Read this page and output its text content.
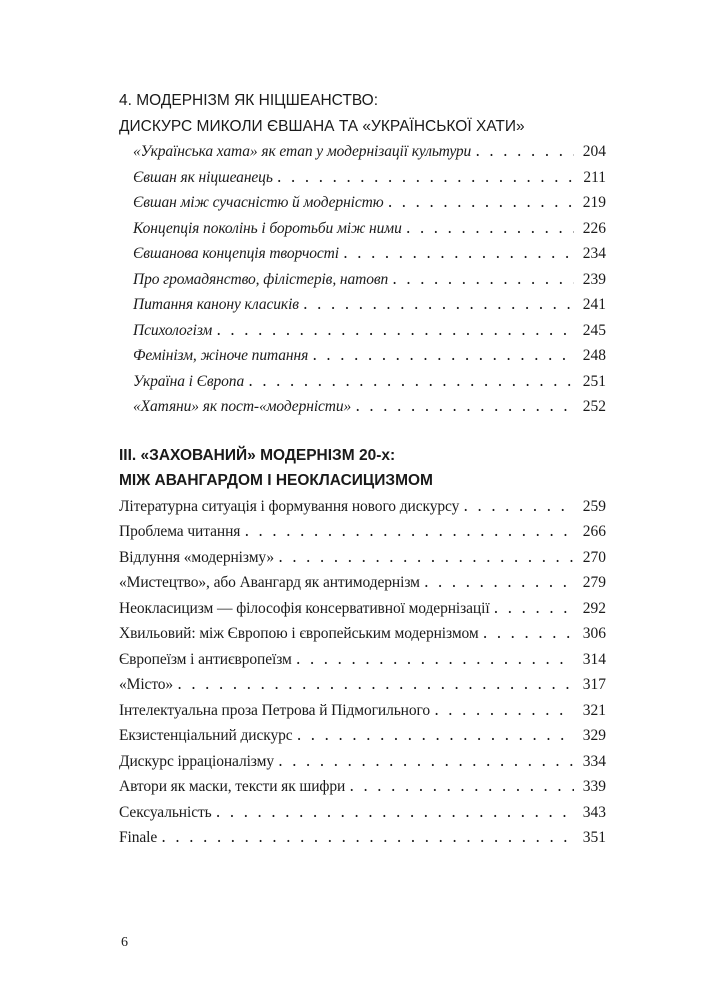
4. МОДЕРНІЗМ ЯК НІЦШЕАНСТВО:
ДИСКУРС МИКОЛИ ЄВШАНА ТА «УКРАЇНСЬКОЇ ХАТИ»
«Українська хата» як етап у модернізації культури . . .	204
Євшан як ніцшеанець . . .	211
Євшан між сучасністю й модерністю . . .	219
Концепція поколінь і боротьби між ними . . .	226
Євшанова концепція творчості . . .	234
Про громадянство, філістерів, натовп . . .	239
Питання канону класиків . . .	241
Психологізм . . .	245
Фемінізм, жіноче питання . . .	248
Україна і Європа . . .	251
«Хатяни» як пост-«модерністи» . . .	252
ІІІ. «ЗАХОВАНИЙ» МОДЕРНІЗМ 20-х:
МІЖ АВАНГАРДОМ І НЕОКЛАСИЦИЗМОМ
Літературна ситуація і формування нового дискурсу . . .	259
Проблема читання . . .	266
Відлуння «модернізму» . . .	270
«Мистецтво», або Авангард як антимодернізм . . .	279
Неокласицизм — філософія консервативної модернізації . . .	292
Хвильовий: між Європою і європейським модернізмом . . .	306
Європеїзм і антиєвропеїзм . . .	314
«Місто» . . .	317
Інтелектуальна проза Петрова й Підмогильного . . .	321
Екзистенціальний дискурс . . .	329
Дискурс ірраціоналізму . . .	334
Автори як маски, тексти як шифри . . .	339
Сексуальність . . .	343
Finale . . .	351
6
